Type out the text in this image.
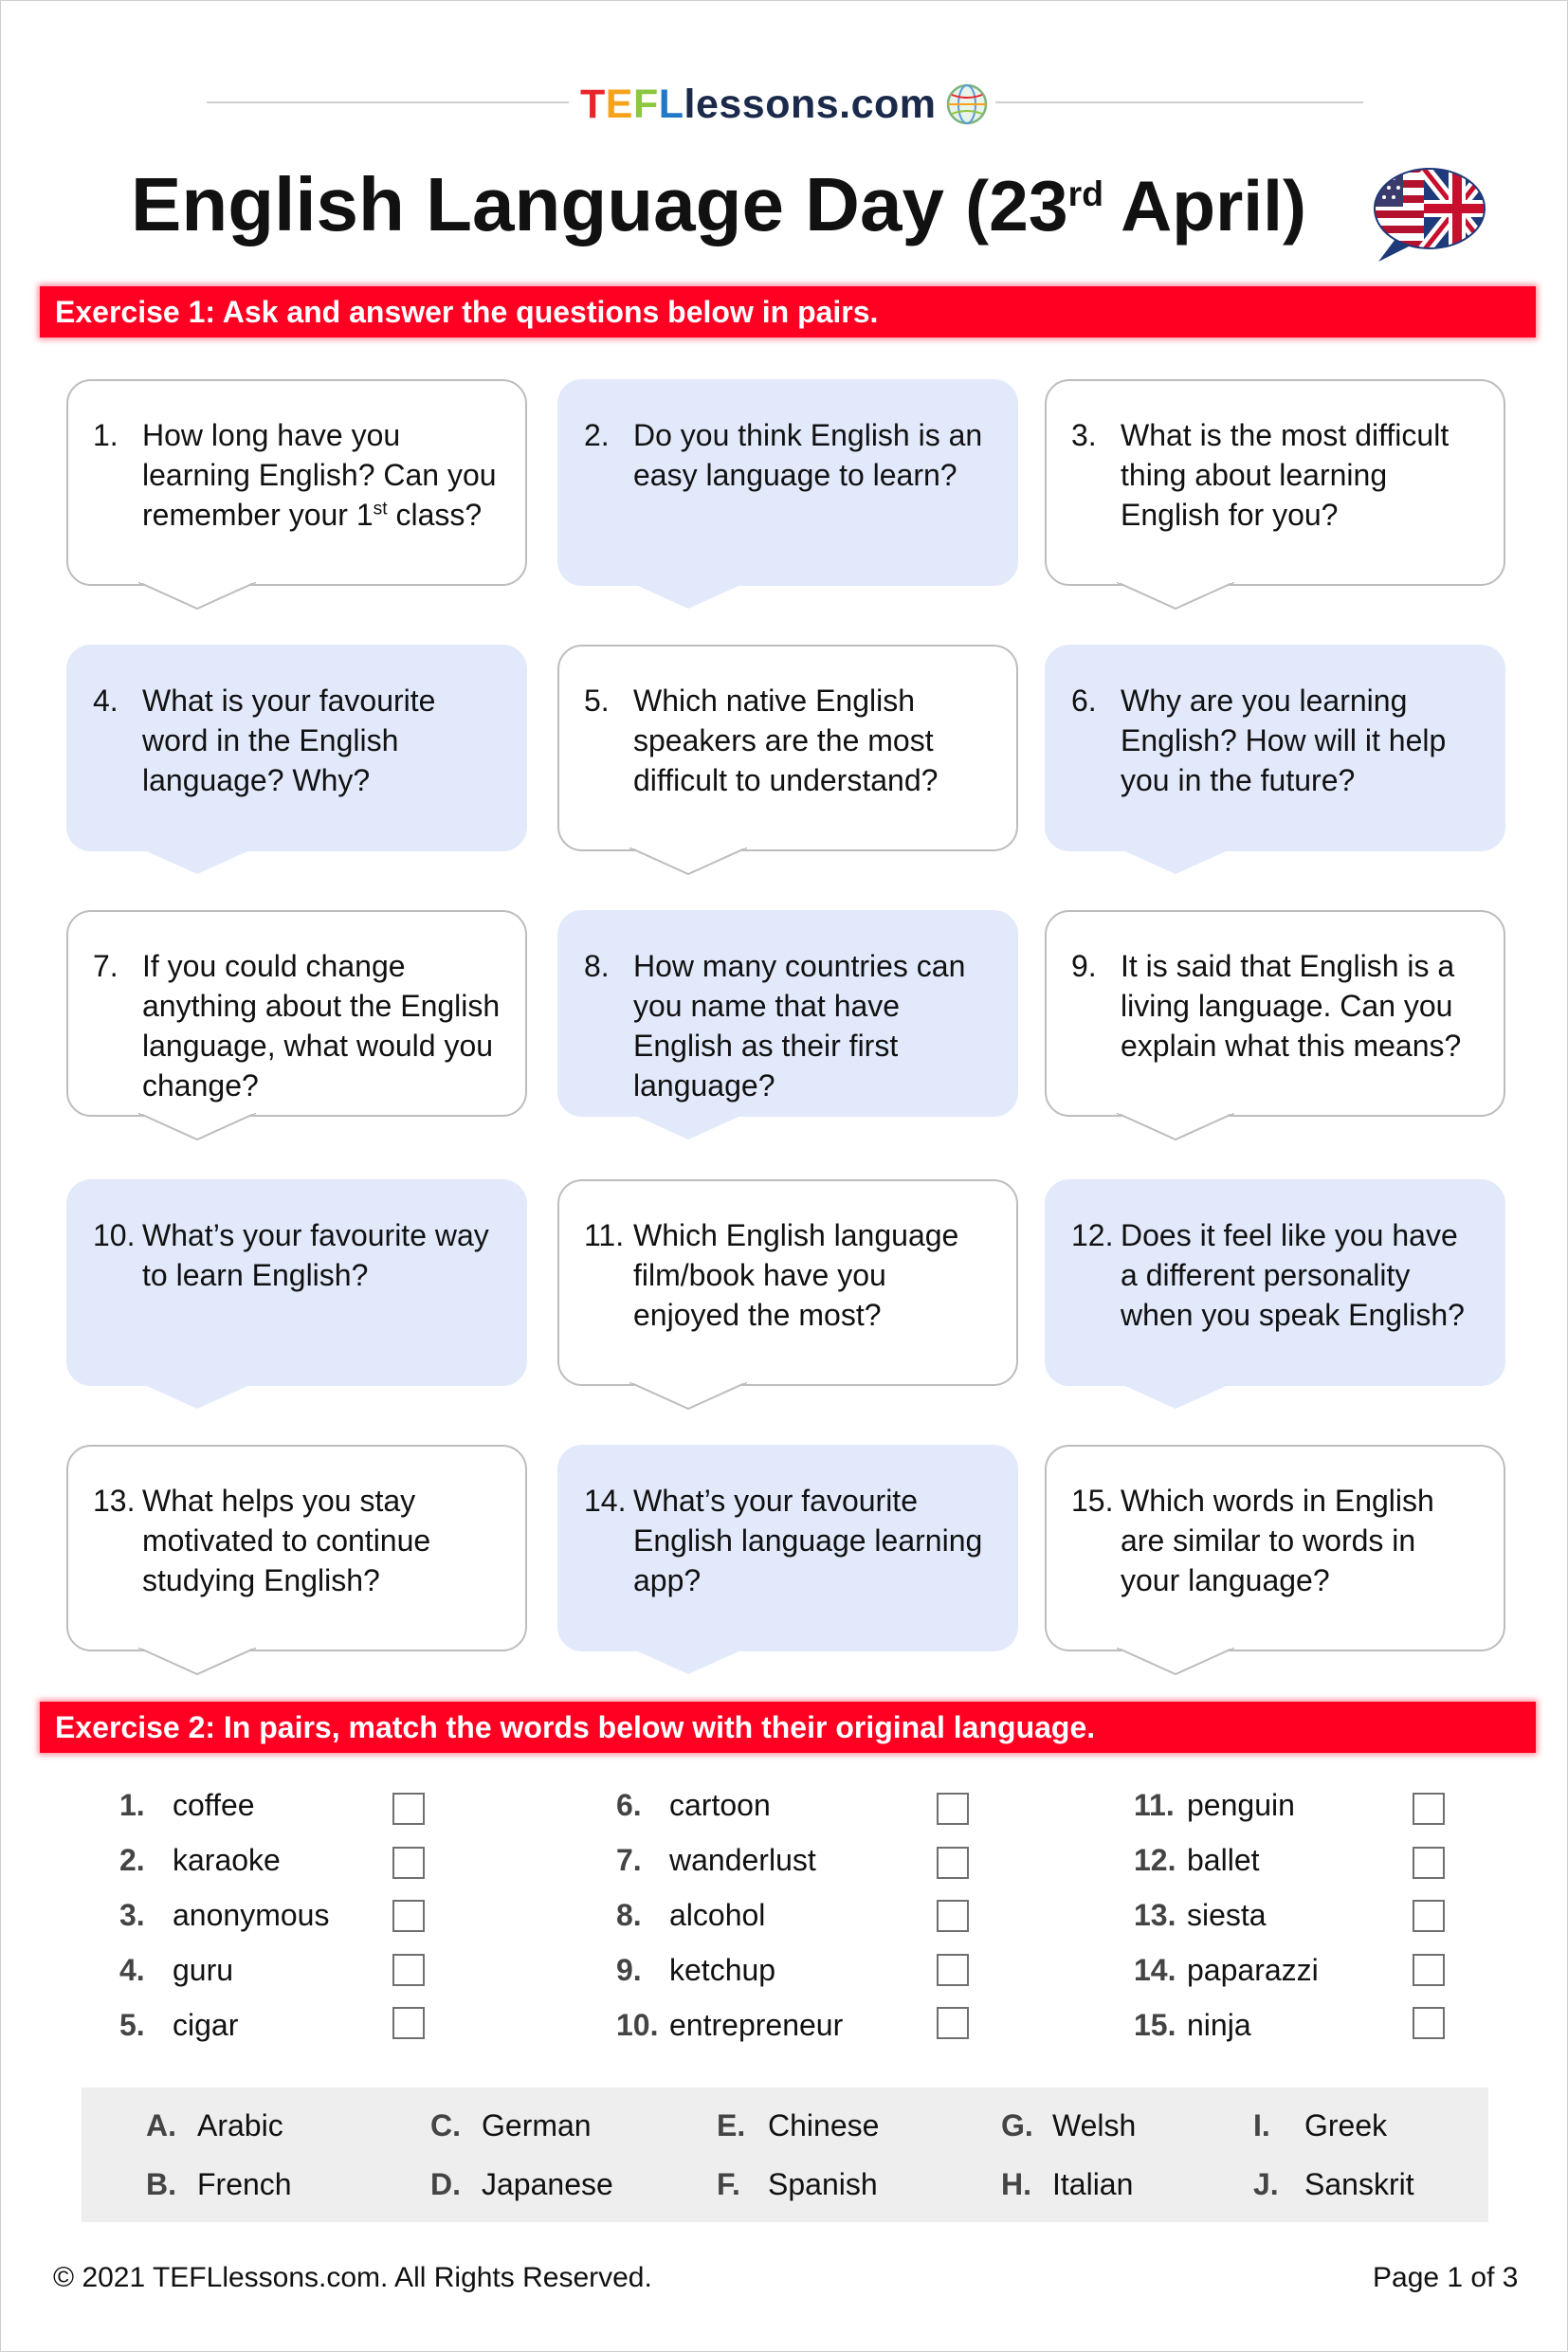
TEFLlessons.com
English Language Day (23rd April)
Exercise 1: Ask and answer the questions below in pairs.
1. How long have you learning English? Can you remember your 1st class?
2. Do you think English is an easy language to learn?
3. What is the most difficult thing about learning English for you?
4. What is your favourite word in the English language? Why?
5. Which native English speakers are the most difficult to understand?
6. Why are you learning English? How will it help you in the future?
7. If you could change anything about the English language, what would you change?
8. How many countries can you name that have English as their first language?
9. It is said that English is a living language. Can you explain what this means?
10. What’s your favourite way to learn English?
11. Which English language film/book have you enjoyed the most?
12. Does it feel like you have a different personality when you speak English?
13. What helps you stay motivated to continue studying English?
14. What’s your favourite English language learning app?
15. Which words in English are similar to words in your language?
Exercise 2: In pairs, match the words below with their original language.
1. coffee
2. karaoke
3. anonymous
4. guru
5. cigar
6. cartoon
7. wanderlust
8. alcohol
9. ketchup
10. entrepreneur
11. penguin
12. ballet
13. siesta
14. paparazzi
15. ninja
A. Arabic
B. French
C. German
D. Japanese
E. Chinese
F. Spanish
G. Welsh
H. Italian
I.	Greek
J. Sanskrit
© 2021 TEFLlessons.com. All Rights Reserved.	Page 1 of 3
